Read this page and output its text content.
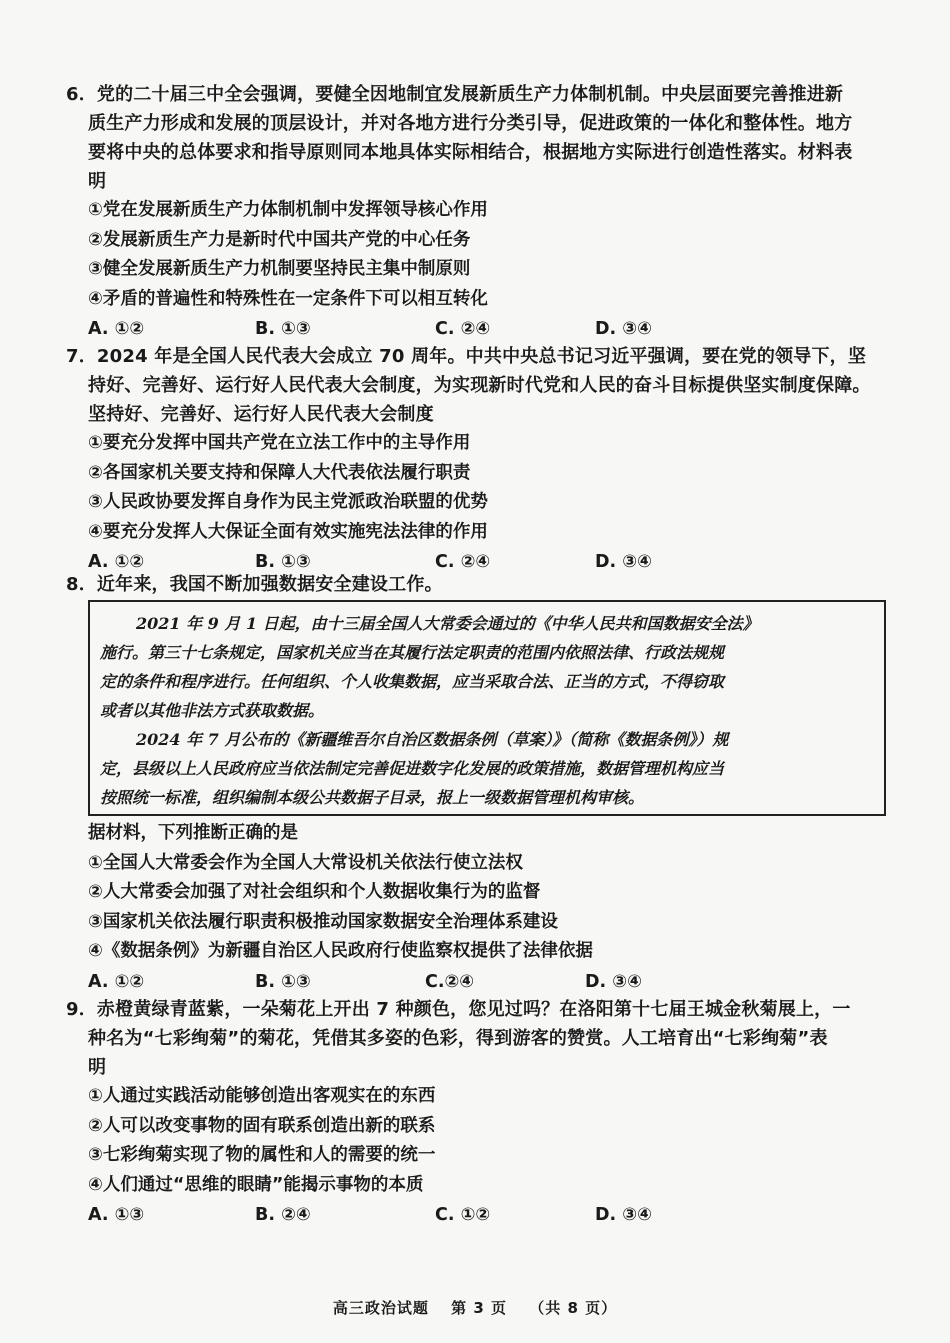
6．党的二十届三中全会强调，要健全因地制宜发展新质生产力体制机制。中央层面要完善推进新
质生产力形成和发展的顶层设计，并对各地方进行分类引导，促进政策的一体化和整体性。地方
要将中央的总体要求和指导原则同本地具体实际相结合，根据地方实际进行创造性落实。材料表
明
①党在发展新质生产力体制机制中发挥领导核心作用
②发展新质生产力是新时代中国共产党的中心任务
③健全发展新质生产力机制要坚持民主集中制原则
④矛盾的普遍性和特殊性在一定条件下可以相互转化
A. ①②	B. ①③	C. ②④	D. ③④
7．2024 年是全国人民代表大会成立 70 周年。中共中央总书记习近平强调，要在党的领导下，坚
持好、完善好、运行好人民代表大会制度，为实现新时代党和人民的奋斗目标提供坚实制度保障。
坚持好、完善好、运行好人民代表大会制度
①要充分发挥中国共产党在立法工作中的主导作用
②各国家机关要支持和保障人大代表依法履行职责
③人民政协要发挥自身作为民主党派政治联盟的优势
④要充分发挥人大保证全面有效实施宪法法律的作用
A. ①②	B. ①③	C. ②④	D. ③④
8．近年来，我国不断加强数据安全建设工作。
2021 年 9 月 1 日起，由十三届全国人大常委会通过的《中华人民共和国数据安全法》
施行。第三十七条规定，国家机关应当在其履行法定职责的范围内依照法律、行政法规规
定的条件和程序进行。任何组织、个人收集数据，应当采取合法、正当的方式，不得窃取
或者以其他非法方式获取数据。
2024 年 7 月公布的《新疆维吾尔自治区数据条例（草案）》（简称《数据条例》）规
定，县级以上人民政府应当依法制定完善促进数字化发展的政策措施，数据管理机构应当
按照统一标准，组织编制本级公共数据子目录，报上一级数据管理机构审核。
据材料，下列推断正确的是
①全国人大常委会作为全国人大常设机关依法行使立法权
②人大常委会加强了对社会组织和个人数据收集行为的监督
③国家机关依法履行职责积极推动国家数据安全治理体系建设
④《数据条例》为新疆自治区人民政府行使监察权提供了法律依据
A. ①②	B. ①③	C.②④	D. ③④
9．赤橙黄绿青蓝紫，一朵菊花上开出 7 种颜色，您见过吗？在洛阳第十七届王城金秋菊展上，一
种名为“七彩绚菊”的菊花，凭借其多姿的色彩，得到游客的赞赏。人工培育出“七彩绚菊”表
明
①人通过实践活动能够创造出客观实在的东西
②人可以改变事物的固有联系创造出新的联系
③七彩绚菊实现了物的属性和人的需要的统一
④人们通过“思维的眼睛”能揭示事物的本质
A. ①③	B. ②④	C. ①②	D. ③④
高三政治试题 第 3 页 （共 8 页）
